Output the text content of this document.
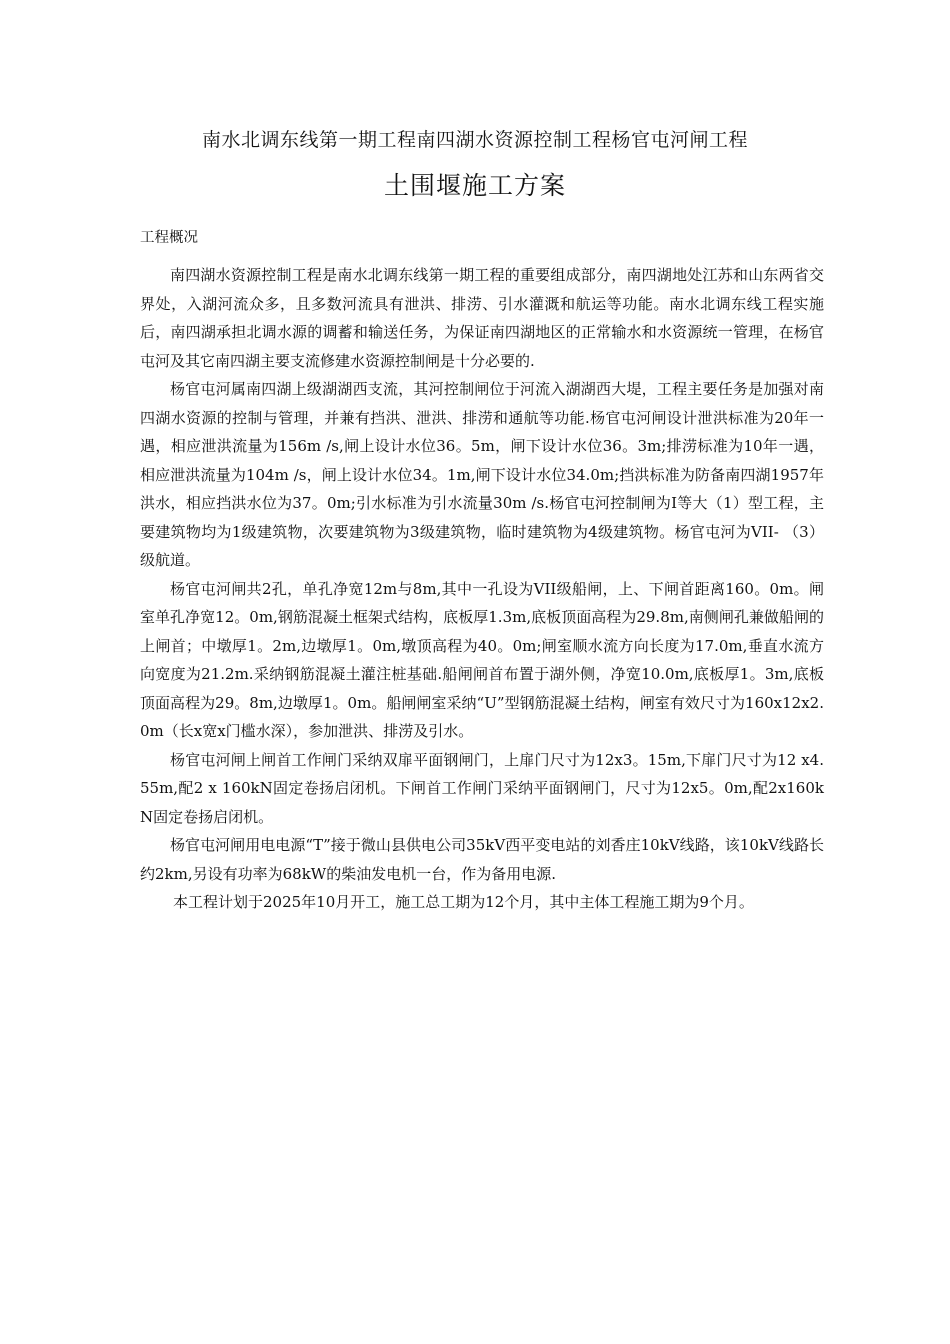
南水北调东线第一期工程南四湖水资源控制工程杨官屯河闸工程
土围堰施工方案
工程概况

南四湖水资源控制工程是南水北调东线第一期工程的重要组成部分，南四湖地处江苏和山东两省交界处，入湖河流众多，且多数河流具有泄洪、排涝、引水灌溉和航运等功能。南水北调东线工程实施后，南四湖承担北调水源的调蓄和输送任务，为保证南四湖地区的正常输水和水资源统一管理，在杨官屯河及其它南四湖主要支流修建水资源控制闸是十分必要的.

杨官屯河属南四湖上级湖湖西支流，其河控制闸位于河流入湖湖西大堤，工程主要任务是加强对南四湖水资源的控制与管理，并兼有挡洪、泄洪、排涝和通航等功能.杨官屯河闸设计泄洪标准为20年一遇，相应泄洪流量为156m /s,闸上设计水位36。5m，闸下设计水位36。3m;排涝标准为10年一遇，相应泄洪流量为104m /s，闸上设计水位34。1m,闸下设计水位34.0m;挡洪标准为防备南四湖1957年洪水，相应挡洪水位为37。0m;引水标准为引水流量30m /s.杨官屯河控制闸为Ⅰ等大（1）型工程，主要建筑物均为1级建筑物，次要建筑物为3级建筑物，临时建筑物为4级建筑物。杨官屯河为VII- （3）级航道。

杨官屯河闸共2孔，单孔净宽12m与8m,其中一孔设为VII级船闸，上、下闸首距离160。0m。闸室单孔净宽12。0m,钢筋混凝土框架式结构，底板厚1.3m,底板顶面高程为29.8m,南侧闸孔兼做船闸的上闸首；中墩厚1。2m,边墩厚1。0m,墩顶高程为40。0m;闸室顺水流方向长度为17.0m,垂直水流方向宽度为21.2m.采纳钢筋混凝土灌注桩基础.船闸闸首布置于湖外侧，净宽10.0m,底板厚1。3m,底板顶面高程为29。8m,边墩厚1。0m。船闸闸室采纳“U”型钢筋混凝土结构，闸室有效尺寸为160x12x2.0m（长x宽x门槛水深），参加泄洪、排涝及引水。

杨官屯河闸上闸首工作闸门采纳双扉平面钢闸门，上扉门尺寸为12x3。15m,下扉门尺寸为12 x4.55m,配2 x 160kN固定卷扬启闭机。下闸首工作闸门采纳平面钢闸门，尺寸为12x5。0m,配2x160kN固定卷扬启闭机。

杨官屯河闸用电电源“T”接于微山县供电公司35kV西平变电站的刘香庄10kV线路，该10kV线路长约2km,另设有功率为68kW的柴油发电机一台，作为备用电源.

本工程计划于2025年10月开工，施工总工期为12个月，其中主体工程施工期为9个月。
